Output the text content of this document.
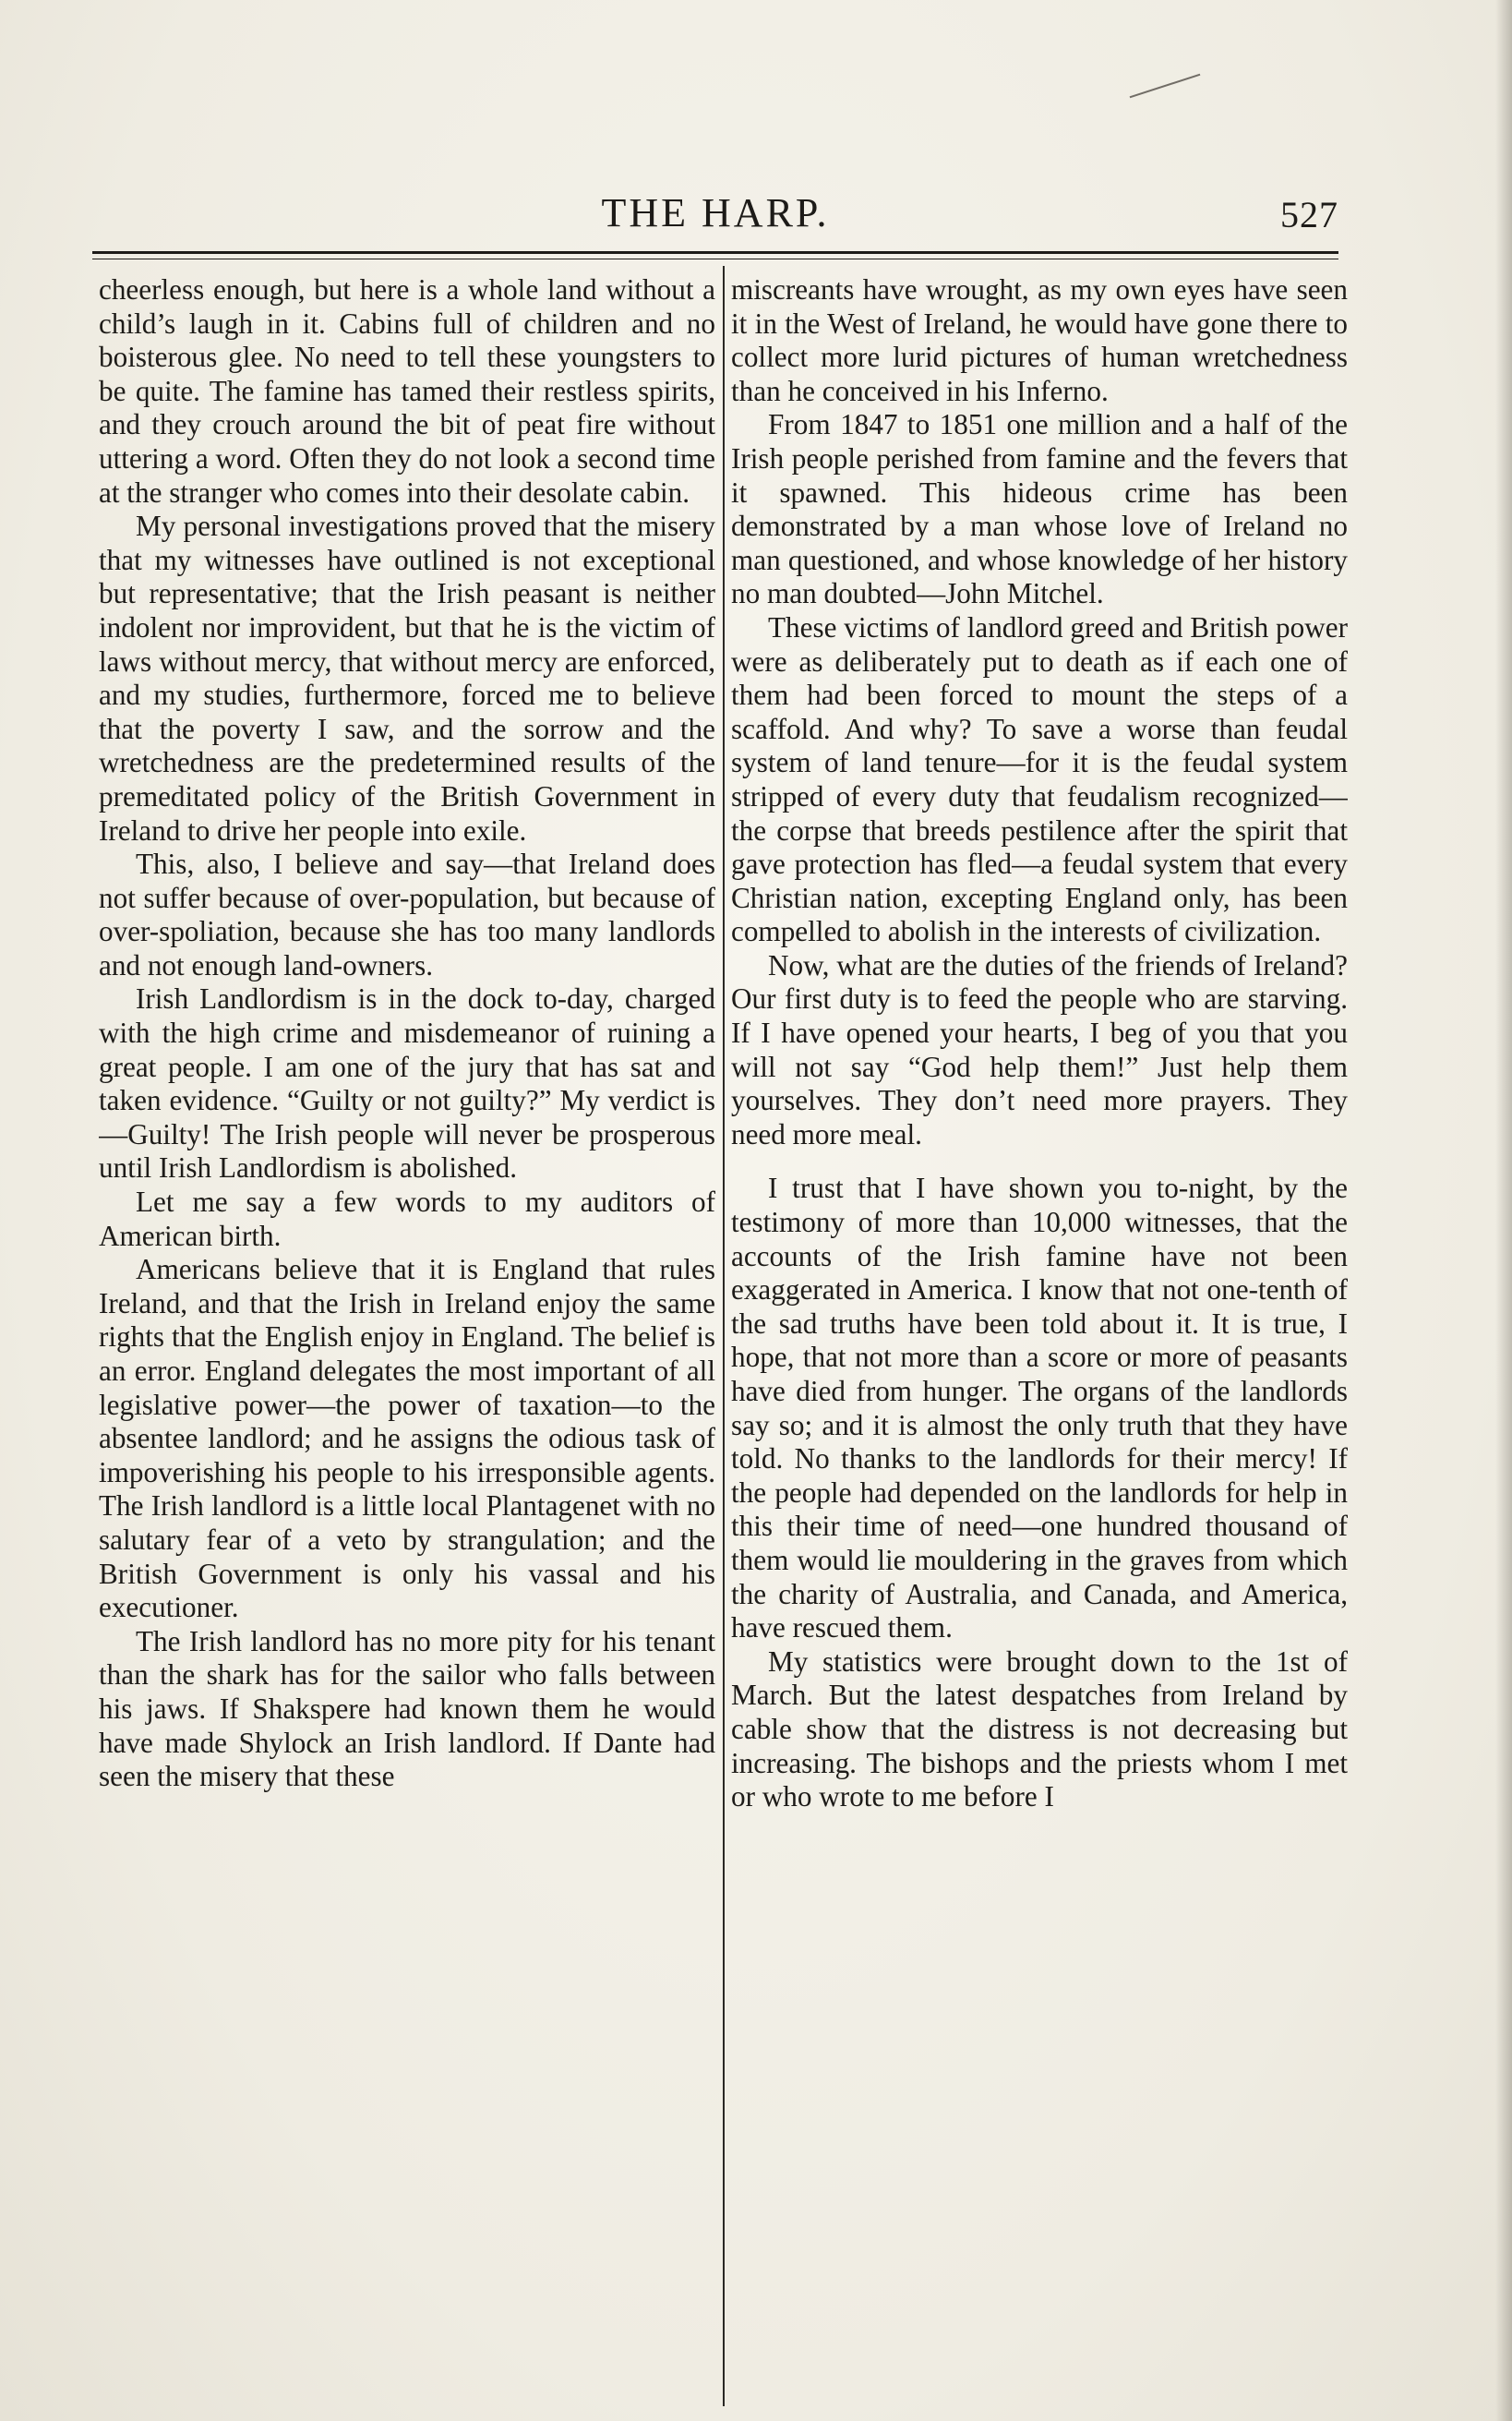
THE HARP.	527

cheerless enough, but here is a whole land without a child’s laugh in it. Cabins full of children and no boisterous glee. No need to tell these youngsters to be quite. The famine has tamed their restless spirits, and they crouch around the bit of peat fire without uttering a word. Often they do not look a second time at the stranger who comes into their desolate cabin.

My personal investigations proved that the misery that my witnesses have outlined is not exceptional but representative; that the Irish peasant is neither indolent nor improvident, but that he is the victim of laws without mercy, that without mercy are enforced, and my studies, furthermore, forced me to believe that the poverty I saw, and the sorrow and the wretchedness are the predetermined results of the premeditated policy of the British Government in Ireland to drive her people into exile.

This, also, I believe and say—that Ireland does not suffer because of over-population, but because of over-spoliation, because she has too many landlords and not enough land-owners.

Irish Landlordism is in the dock to-day, charged with the high crime and misdemeanor of ruining a great people. I am one of the jury that has sat and taken evidence. “Guilty or not guilty?” My verdict is—Guilty! The Irish people will never be prosperous until Irish Landlordism is abolished.

Let me say a few words to my auditors of American birth.

Americans believe that it is England that rules Ireland, and that the Irish in Ireland enjoy the same rights that the English enjoy in England. The belief is an error. England delegates the most important of all legislative power—the power of taxation—to the absentee landlord; and he assigns the odious task of impoverishing his people to his irresponsible agents. The Irish landlord is a little local Plantagenet with no salutary fear of a veto by strangulation; and the British Government is only his vassal and his executioner.

The Irish landlord has no more pity for his tenant than the shark has for the sailor who falls between his jaws. If Shakspere had known them he would have made Shylock an Irish landlord. If Dante had seen the misery that these

miscreants have wrought, as my own eyes have seen it in the West of Ireland, he would have gone there to collect more lurid pictures of human wretchedness than he conceived in his Inferno.

From 1847 to 1851 one million and a half of the Irish people perished from famine and the fevers that it spawned. This hideous crime has been demonstrated by a man whose love of Ireland no man questioned, and whose knowledge of her history no man doubted—John Mitchel.

These victims of landlord greed and British power were as deliberately put to death as if each one of them had been forced to mount the steps of a scaffold. And why? To save a worse than feudal system of land tenure—for it is the feudal system stripped of every duty that feudalism recognized—the corpse that breeds pestilence after the spirit that gave protection has fled—a feudal system that every Christian nation, excepting England only, has been compelled to abolish in the interests of civilization.

Now, what are the duties of the friends of Ireland? Our first duty is to feed the people who are starving. If I have opened your hearts, I beg of you that you will not say “God help them!” Just help them yourselves. They don’t need more prayers. They need more meal.

I trust that I have shown you to-night, by the testimony of more than 10,000 witnesses, that the accounts of the Irish famine have not been exaggerated in America. I know that not one-tenth of the sad truths have been told about it. It is true, I hope, that not more than a score or more of peasants have died from hunger. The organs of the landlords say so; and it is almost the only truth that they have told. No thanks to the landlords for their mercy! If the people had depended on the landlords for help in this their time of need—one hundred thousand of them would lie mouldering in the graves from which the charity of Australia, and Canada, and America, have rescued them.

My statistics were brought down to the 1st of March. But the latest despatches from Ireland by cable show that the distress is not decreasing but increasing. The bishops and the priests whom I met or who wrote to me before I
